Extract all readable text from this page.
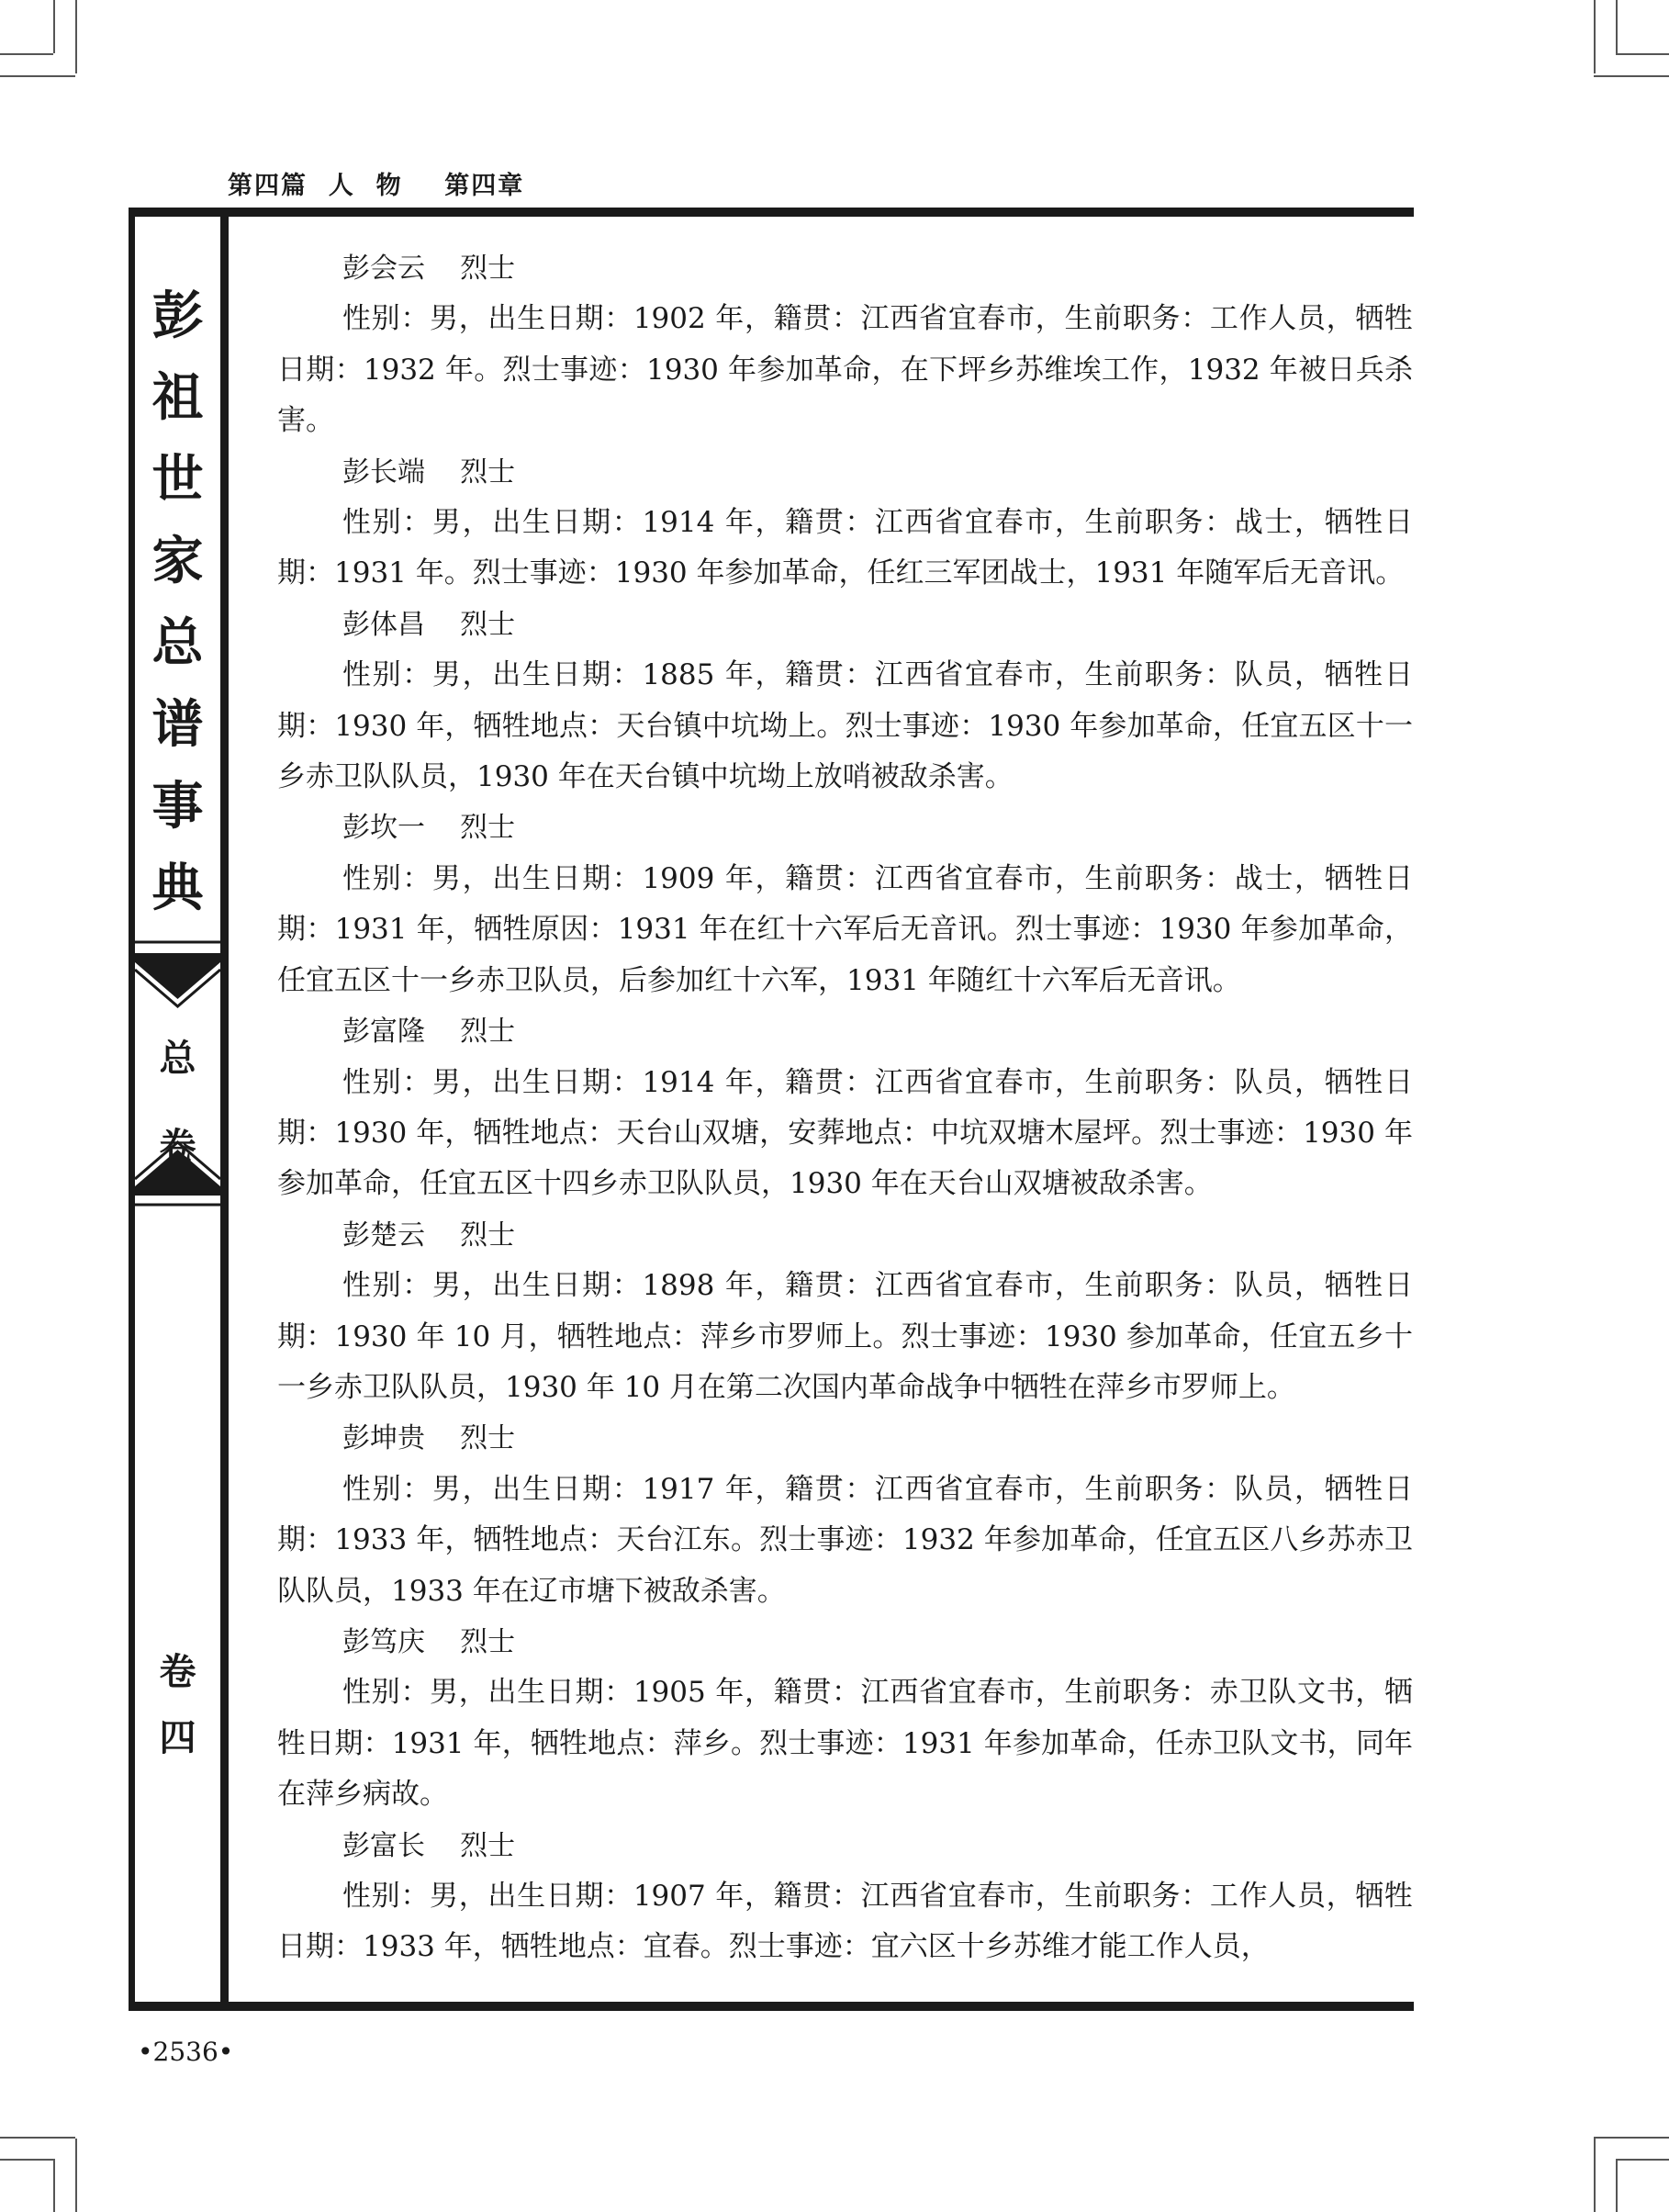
第四篇  人  物    第四章
彭
祖
世
家
总
谱
事
典
总
卷
卷
四
彭会云    烈士

性别：男，出生日期：1902 年，籍贯：江西省宜春市，生前职务：工作人员，牺牲日期：1932 年。烈士事迹：1930 年参加革命，在下坪乡苏维埃工作，1932 年被日兵杀害。

彭长端    烈士

性别：男，出生日期：1914 年，籍贯：江西省宜春市，生前职务：战士，牺牲日期：1931 年。烈士事迹：1930 年参加革命，任红三军团战士，1931 年随军后无音讯。

彭体昌    烈士

性别：男，出生日期：1885 年，籍贯：江西省宜春市，生前职务：队员，牺牲日期：1930 年，牺牲地点：天台镇中坑坳上。烈士事迹：1930 年参加革命，任宜五区十一乡赤卫队队员，1930 年在天台镇中坑坳上放哨被敌杀害。

彭坎一    烈士

性别：男，出生日期：1909 年，籍贯：江西省宜春市，生前职务：战士，牺牲日期：1931 年，牺牲原因：1931 年在红十六军后无音讯。烈士事迹：1930 年参加革命，任宜五区十一乡赤卫队员，后参加红十六军，1931 年随红十六军后无音讯。

彭富隆    烈士

性别：男，出生日期：1914 年，籍贯：江西省宜春市，生前职务：队员，牺牲日期：1930 年，牺牲地点：天台山双塘，安葬地点：中坑双塘木屋坪。烈士事迹：1930 年参加革命，任宜五区十四乡赤卫队队员，1930 年在天台山双塘被敌杀害。

彭楚云    烈士

性别：男，出生日期：1898 年，籍贯：江西省宜春市，生前职务：队员，牺牲日期：1930 年 10 月，牺牲地点：萍乡市罗师上。烈士事迹：1930 参加革命，任宜五乡十一乡赤卫队队员，1930 年 10 月在第二次国内革命战争中牺牲在萍乡市罗师上。

彭坤贵    烈士

性别：男，出生日期：1917 年，籍贯：江西省宜春市，生前职务：队员，牺牲日期：1933 年，牺牲地点：天台江东。烈士事迹：1932 年参加革命，任宜五区八乡苏赤卫队队员，1933 年在辽市塘下被敌杀害。

彭笃庆    烈士

性别：男，出生日期：1905 年，籍贯：江西省宜春市，生前职务：赤卫队文书，牺牲日期：1931 年，牺牲地点：萍乡。烈士事迹：1931 年参加革命，任赤卫队文书，同年在萍乡病故。

彭富长    烈士

性别：男，出生日期：1907 年，籍贯：江西省宜春市，生前职务：工作人员，牺牲日期：1933 年，牺牲地点：宜春。烈士事迹：宜六区十乡苏维才能工作人员，

•2536•
